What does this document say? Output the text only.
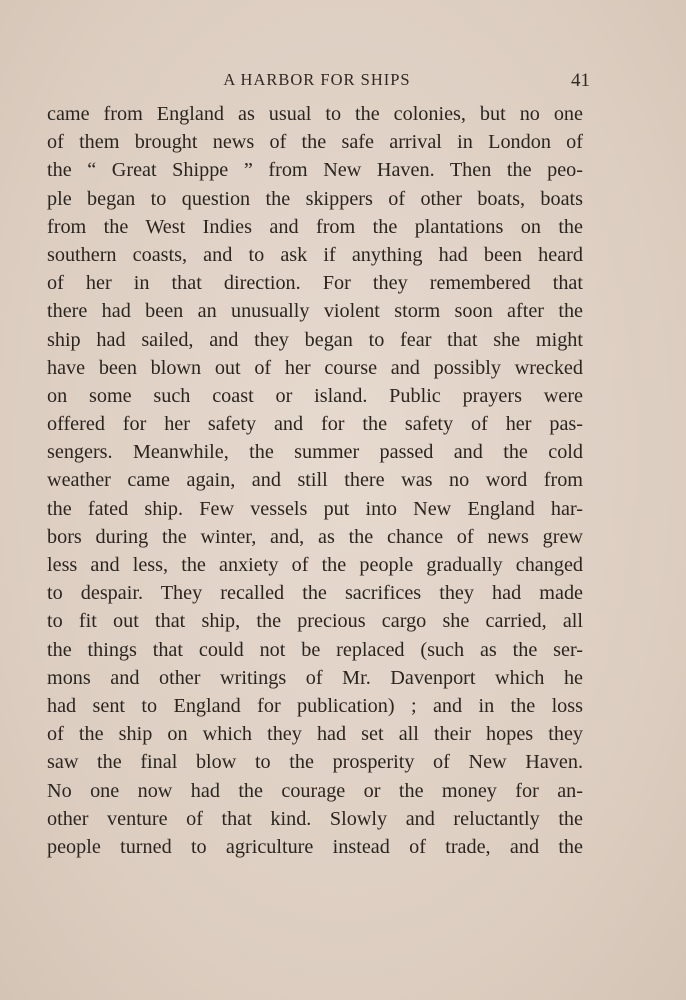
A HARBOR FOR SHIPS	41
came from England as usual to the colonies, but no one
of them brought news of the safe arrival in London of
the “ Great Shippe ” from New Haven. Then the peo-
ple began to question the skippers of other boats, boats
from the West Indies and from the plantations on the
southern coasts, and to ask if anything had been heard
of her in that direction. For they remembered that
there had been an unusually violent storm soon after the
ship had sailed, and they began to fear that she might
have been blown out of her course and possibly wrecked
on some such coast or island. Public prayers were
offered for her safety and for the safety of her pas-
sengers. Meanwhile, the summer passed and the cold
weather came again, and still there was no word from
the fated ship. Few vessels put into New England har-
bors during the winter, and, as the chance of news grew
less and less, the anxiety of the people gradually changed
to despair. They recalled the sacrifices they had made
to fit out that ship, the precious cargo she carried, all
the things that could not be replaced (such as the ser-
mons and other writings of Mr. Davenport which he
had sent to England for publication) ; and in the loss
of the ship on which they had set all their hopes they
saw the final blow to the prosperity of New Haven.
No one now had the courage or the money for an-
other venture of that kind. Slowly and reluctantly the
people turned to agriculture instead of trade, and the
